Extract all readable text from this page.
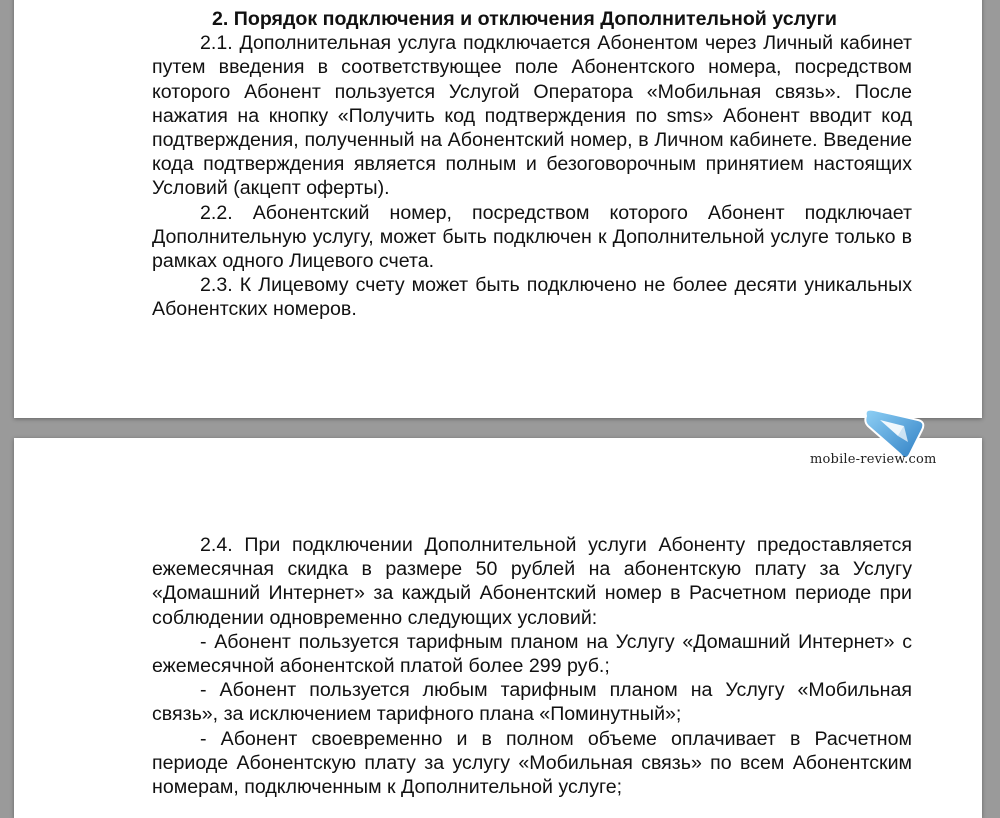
2. Порядок подключения и отключения Дополнительной услуги

2.1. Дополнительная услуга подключается Абонентом через Личный кабинет путем введения в соответствующее поле Абонентского номера, посредством которого Абонент пользуется Услугой Оператора «Мобильная связь». После нажатия на кнопку «Получить код подтверждения по sms» Абонент вводит код подтверждения, полученный на Абонентский номер, в Личном кабинете. Введение кода подтверждения является полным и безоговорочным принятием настоящих Условий (акцепт оферты).

2.2. Абонентский номер, посредством которого Абонент подключает Дополнительную услугу, может быть подключен к Дополнительной услуге только в рамках одного Лицевого счета.

2.3. К Лицевому счету может быть подключено не более десяти уникальных Абонентских номеров.

2.4. При подключении Дополнительной услуги Абоненту предоставляется ежемесячная скидка в размере 50 рублей на абонентскую плату за Услугу «Домашний Интернет» за каждый Абонентский номер в Расчетном периоде при соблюдении одновременно следующих условий:

- Абонент пользуется тарифным планом на Услугу «Домашний Интернет» с ежемесячной абонентской платой более 299 руб.;

- Абонент пользуется любым тарифным планом на Услугу «Мобильная связь», за исключением тарифного плана «Поминутный»;

- Абонент своевременно и в полном объеме оплачивает в Расчетном периоде Абонентскую плату за услугу «Мобильная связь» по всем Абонентским номерам, подключенным к Дополнительной услуге;

mobile-review.com
